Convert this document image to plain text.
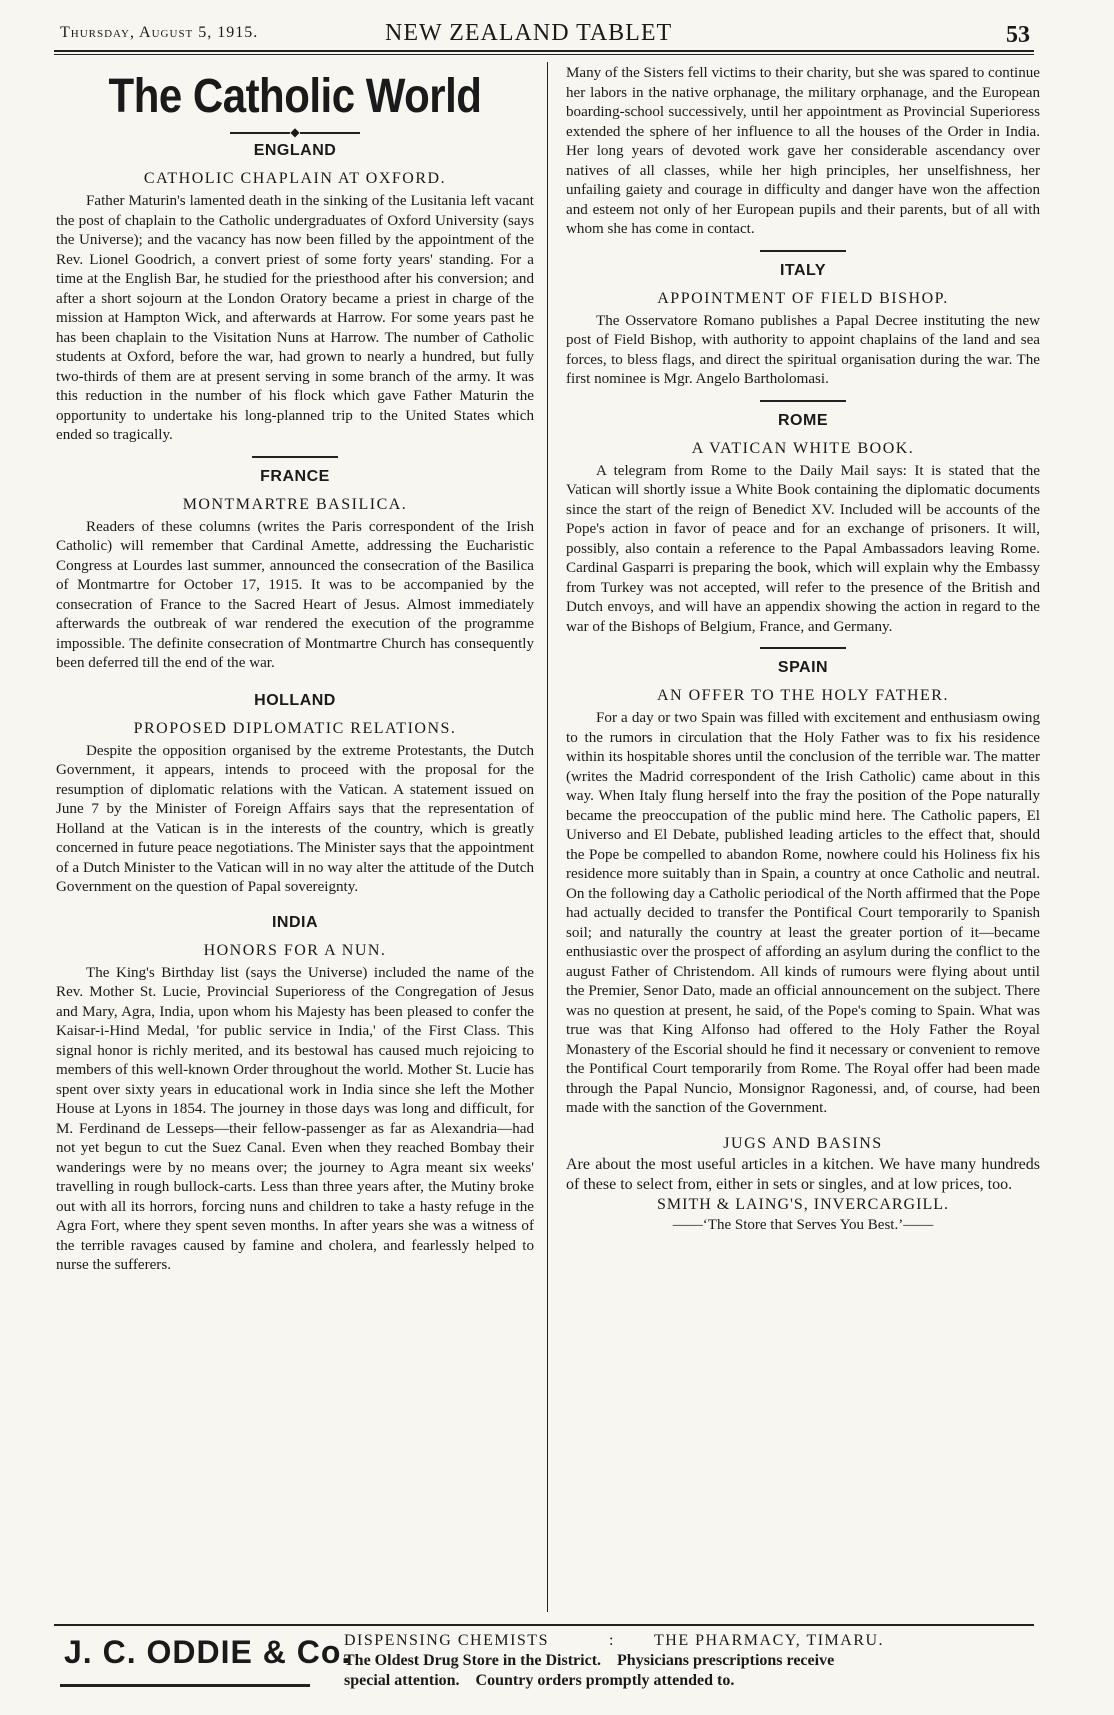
Thursday, August 5, 1915.	NEW ZEALAND TABLET	53
The Catholic World
◆
ENGLAND
CATHOLIC CHAPLAIN AT OXFORD.

Father Maturin's lamented death in the sinking of the Lusitania left vacant the post of chaplain to the Catholic undergraduates of Oxford University (says the Universe); and the vacancy has now been filled by the appointment of the Rev. Lionel Goodrich, a convert priest of some forty years' standing. For a time at the English Bar, he studied for the priesthood after his conversion; and after a short sojourn at the London Oratory became a priest in charge of the mission at Hampton Wick, and afterwards at Harrow. For some years past he has been chaplain to the Visitation Nuns at Harrow. The number of Catholic students at Oxford, before the war, had grown to nearly a hundred, but fully two-thirds of them are at present serving in some branch of the army. It was this reduction in the number of his flock which gave Father Maturin the opportunity to undertake his long-planned trip to the United States which ended so tragically.

FRANCE
MONTMARTRE BASILICA.

Readers of these columns (writes the Paris correspondent of the Irish Catholic) will remember that Cardinal Amette, addressing the Eucharistic Congress at Lourdes last summer, announced the consecration of the Basilica of Montmartre for October 17, 1915. It was to be accompanied by the consecration of France to the Sacred Heart of Jesus. Almost immediately afterwards the outbreak of war rendered the execution of the programme impossible. The definite consecration of Montmartre Church has consequently been deferred till the end of the war.

HOLLAND
PROPOSED DIPLOMATIC RELATIONS.

Despite the opposition organised by the extreme Protestants, the Dutch Government, it appears, intends to proceed with the proposal for the resumption of diplomatic relations with the Vatican. A statement issued on June 7 by the Minister of Foreign Affairs says that the representation of Holland at the Vatican is in the interests of the country, which is greatly concerned in future peace negotiations. The Minister says that the appointment of a Dutch Minister to the Vatican will in no way alter the attitude of the Dutch Government on the question of Papal sovereignty.

INDIA
HONORS FOR A NUN.

The King's Birthday list (says the Universe) included the name of the Rev. Mother St. Lucie, Provincial Superioress of the Congregation of Jesus and Mary, Agra, India, upon whom his Majesty has been pleased to confer the Kaisar-i-Hind Medal, 'for public service in India,' of the First Class. This signal honor is richly merited, and its bestowal has caused much rejoicing to members of this well-known Order throughout the world. Mother St. Lucie has spent over sixty years in educational work in India since she left the Mother House at Lyons in 1854. The journey in those days was long and difficult, for M. Ferdinand de Lesseps—their fellow-passenger as far as Alexandria—had not yet begun to cut the Suez Canal. Even when they reached Bombay their wanderings were by no means over; the journey to Agra meant six weeks' travelling in rough bullock-carts. Less than three years after, the Mutiny broke out with all its horrors, forcing nuns and children to take a hasty refuge in the Agra Fort, where they spent seven months. In after years she was a witness of the terrible ravages caused by famine and cholera, and fearlessly helped to nurse the sufferers.

Many of the Sisters fell victims to their charity, but she was spared to continue her labors in the native orphanage, the military orphanage, and the European boarding-school successively, until her appointment as Provincial Superioress extended the sphere of her influence to all the houses of the Order in India. Her long years of devoted work gave her considerable ascendancy over natives of all classes, while her high principles, her unselfishness, her unfailing gaiety and courage in difficulty and danger have won the affection and esteem not only of her European pupils and their parents, but of all with whom she has come in contact.

ITALY
APPOINTMENT OF FIELD BISHOP.

The Osservatore Romano publishes a Papal Decree instituting the new post of Field Bishop, with authority to appoint chaplains of the land and sea forces, to bless flags, and direct the spiritual organisation during the war. The first nominee is Mgr. Angelo Bartholomasi.

ROME
A VATICAN WHITE BOOK.

A telegram from Rome to the Daily Mail says: It is stated that the Vatican will shortly issue a White Book containing the diplomatic documents since the start of the reign of Benedict XV. Included will be accounts of the Pope's action in favor of peace and for an exchange of prisoners. It will, possibly, also contain a reference to the Papal Ambassadors leaving Rome. Cardinal Gasparri is preparing the book, which will explain why the Embassy from Turkey was not accepted, will refer to the presence of the British and Dutch envoys, and will have an appendix showing the action in regard to the war of the Bishops of Belgium, France, and Germany.

SPAIN
AN OFFER TO THE HOLY FATHER.

For a day or two Spain was filled with excitement and enthusiasm owing to the rumors in circulation that the Holy Father was to fix his residence within its hospitable shores until the conclusion of the terrible war. The matter (writes the Madrid correspondent of the Irish Catholic) came about in this way. When Italy flung herself into the fray the position of the Pope naturally became the preoccupation of the public mind here. The Catholic papers, El Universo and El Debate, published leading articles to the effect that, should the Pope be compelled to abandon Rome, nowhere could his Holiness fix his residence more suitably than in Spain, a country at once Catholic and neutral. On the following day a Catholic periodical of the North affirmed that the Pope had actually decided to transfer the Pontifical Court temporarily to Spanish soil; and naturally the country at least the greater portion of it—became enthusiastic over the prospect of affording an asylum during the conflict to the august Father of Christendom. All kinds of rumours were flying about until the Premier, Senor Dato, made an official announcement on the subject. There was no question at present, he said, of the Pope's coming to Spain. What was true was that King Alfonso had offered to the Holy Father the Royal Monastery of the Escorial should he find it necessary or convenient to remove the Pontifical Court temporarily from Rome. The Royal offer had been made through the Papal Nuncio, Monsignor Ragonessi, and, of course, had been made with the sanction of the Government.

JUGS AND BASINS

Are about the most useful articles in a kitchen. We have many hundreds of these to select from, either in sets or singles, and at low prices, too.

SMITH & LAING'S, INVERCARGILL.
——‘The Store that Serves You Best.’——
J. C. ODDIE & Co.
DISPENSING CHEMISTS	:	THE PHARMACY, TIMARU.
The Oldest Drug Store in the District.    Physicians prescriptions receive
special attention.    Country orders promptly attended to.
